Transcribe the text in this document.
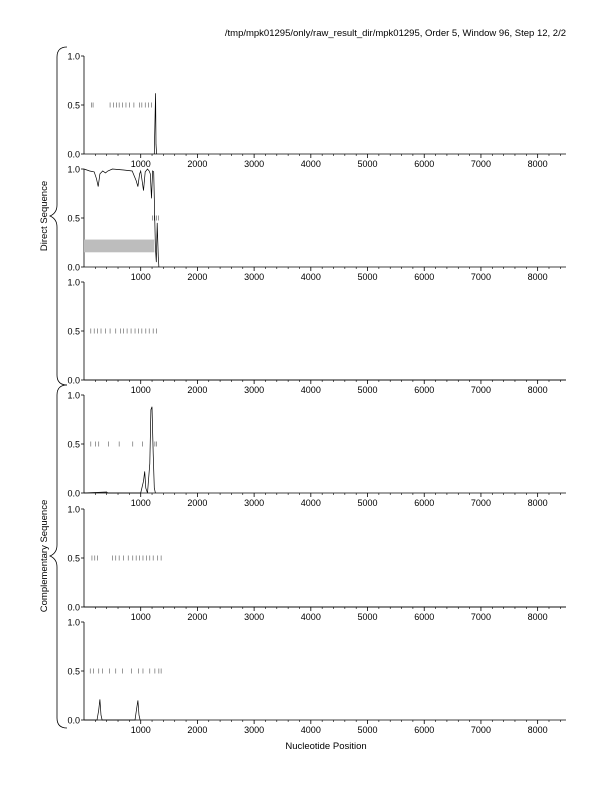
/tmp/mpk01295/only/raw_result_dir/mpk01295, Order 5, Window 96, Step 12, 2/2
Direct Sequence
Complementary Sequence
0.0
0.5
1.0
1000	2000	3000	4000	5000	6000	7000	8000
0.0
0.5
1.0
1000	2000	3000	4000	5000	6000	7000	8000
0.0
0.5
1.0
1000	2000	3000	4000	5000	6000	7000	8000
0.0
0.5
1.0
1000	2000	3000	4000	5000	6000	7000	8000
0.0
0.5
1.0
1000	2000	3000	4000	5000	6000	7000	8000
0.0
0.5
1.0
1000	2000	3000	4000	5000	6000	7000	8000
Nucleotide Position
